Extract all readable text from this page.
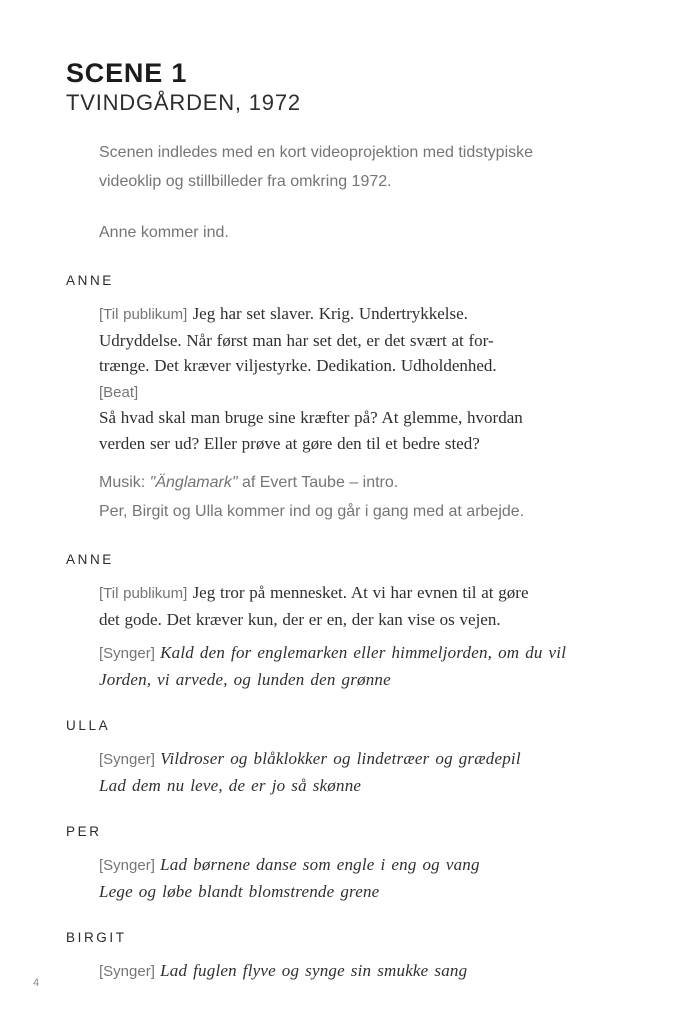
SCENE 1
TVINDGÅRDEN, 1972
Scenen indledes med en kort videoprojektion med tidstypiske
videoklip og stillbilleder fra omkring 1972.
Anne kommer ind.
ANNE
[Til publikum] Jeg har set slaver. Krig. Undertrykkelse.
Udryddelse. Når først man har set det, er det svært at for-
trænge. Det kræver viljestyrke. Dedikation. Udholdenhed.
[Beat]
Så hvad skal man bruge sine kræfter på? At glemme, hvordan
verden ser ud? Eller prøve at gøre den til et bedre sted?
Musik: "Änglamark" af Evert Taube – intro.
Per, Birgit og Ulla kommer ind og går i gang med at arbejde.
ANNE
[Til publikum] Jeg tror på mennesket. At vi har evnen til at gøre
det gode. Det kræver kun, der er en, der kan vise os vejen.
[Synger] Kald den for englemarken eller himmeljorden, om du vil
Jorden, vi arvede, og lunden den grønne
ULLA
[Synger] Vildroser og blåklokker og lindetræer og grædepil
Lad dem nu leve, de er jo så skønne
PER
[Synger] Lad børnene danse som engle i eng og vang
Lege og løbe blandt blomstrende grene
BIRGIT
[Synger] Lad fuglen flyve og synge sin smukke sang
4
